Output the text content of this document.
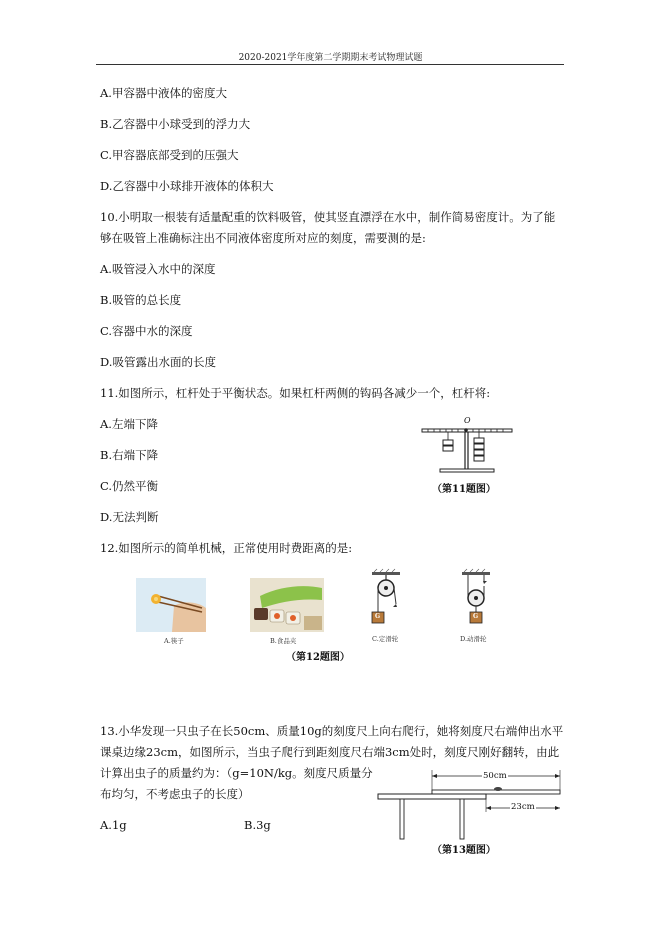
2020-2021学年度第二学期期末考试物理试题
A.甲容器中液体的密度大
B.乙容器中小球受到的浮力大
C.甲容器底部受到的压强大
D.乙容器中小球排开液体的体积大
10.小明取一根装有适量配重的饮料吸管，使其竖直漂浮在水中，制作简易密度计。为了能
够在吸管上准确标注出不同液体密度所对应的刻度，需要测的是:
A.吸管浸入水中的深度
B.吸管的总长度
C.容器中水的深度
D.吸管露出水面的长度
11.如图所示，杠杆处于平衡状态。如果杠杆两侧的钩码各减少一个，杠杆将:
A.左端下降
B.右端下降
C.仍然平衡
D.无法判断
O
（第11题图）
12.如图所示的简单机械，正常使用时费距离的是:
A.筷子	B.食品夹
G
C.定滑轮
G
D.动滑轮
（第12题图）
13.小华发现一只虫子在长50cm、质量10g的刻度尺上向右爬行，她将刻度尺右端伸出水平
课桌边缘23cm，如图所示，当虫子爬行到距刻度尺右端3cm处时，刻度尺刚好翻转，由此
计算出虫子的质量约为：（g=10N/kg。刻度尺质量分
布均匀，不考虑虫子的长度）
A.1g	B.3g
50cm
23cm
（第13题图）
